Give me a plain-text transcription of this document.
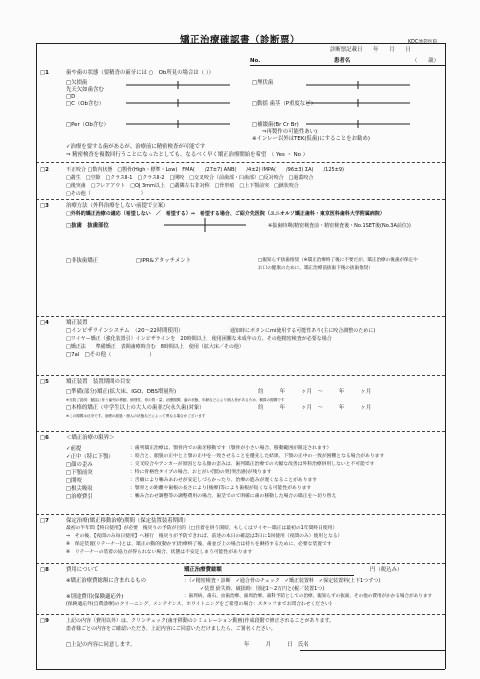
矯正治療確認書（診断票）	KDC池袋医院
診断票記載日　　年　　月　　日
No.	患者名	（　　歳）
□1	歯や歯の状態（要精査の歯牙には ○　Ob所見の場合は（ ））
□欠損歯
先天欠如歯含む
□埋伏歯
□D
□C（Ob含む）	□動揺 歯茎（P重度など）
□Per（Ob含む）	□補綴歯(Br Cr Br)
⇒再製作の可能性あい)
※インレー以外はTEK(仮歯)にすることをお勧め)
✓治療を要する歯があるが、治療前に精密検査が可能です
⇒ 精密検査を複数回行うことになったとしても、なるべく早く矯正治療開始を希望　（ Yes ・ No ）
□2	不正咬合 □数内状態　□顎骨(High・標準・Low)　FMA(　　/27±7) ANB(　　/4±2) IMPA(　　/96±3) ΣA(　　/125±9)
□叢生　□空隙　□クラスⅡ-1　□クラスⅡ-2　□開咬　□交叉咬合（前歯部・臼歯部）□反対咬合　□過蓋咬合
□後突歯　□フレアアウト　□OJ 3mm以上　□叢隣左右非対称　□骨形痕　□上下顎前突　□鋏状咬合
□その他（　　　　　　　　　　）
□3	治療方法（外科治療をしない前提で立案）
□外科的矯正治療の適応（希望しない　／　希望する）⇒　希望する場合、ご紹介先医院（ユニオルソ矯正歯科・東京医科歯科大学附属病院）
□抜歯　抜歯部位	※抜歯時期(精密検査前・精密検査後・No.1SET後(No.3A前位))
□非抜歯矯正	□IPR&アタッチメント	□親知らず抜歯推奨（※矯正治療終了後に不要だが、矯正治療の後歯が保定や
お口の健康のために、矯正治療前抜歯下後の抜歯推奨）
□4	矯正装置
□インビザラインシステム　（20～22時間使用）	通知時にボタンにmi使用する可能性あり(主に咬合調整のために)
□ワイヤー矯正（強化装置引）インビザラインを　20時間以上　使用困難な未成年の方、その他精密検査が必要な場合
□矯正法　　準備矯正　表間歯療時含む　8時間以上　使用（拡大床／その他）
□7al　□その他（　　　　　　　）
□5	矯正装置　装置期間の目安
□準備(部分)矯正(拡大床、IGO、DBS増量所)	約　　　年　　　ヶ月　～　　　年　　　ヶ月
※当院ご説明：動揺に伴う歯列の移動、個別性、骨の質・量、治療期間、歯の状態、年齢などにより個人差があるため、概算の期間です
□本格的矯正（中学生以上の大人の歯並び(永久歯)対象）	約　　　年　　　ヶ月　～　　　年　　　ヶ月
※この期間は目安です。治療の経過・個人の状態などによって異なる場合がございます
□6	＜矯正治療の限界＞
✓前提	：歯列矯正治療は、顎骨内での歯牙移動です（顎骨が小さい場合、移動範囲が限定されます）
✓正中（特に下顎）	：咬合と、顔貌の正中と上顎の正中を一致させることを優先した結果、下顎の正中の一致が困難となる場合があります
□顔の歪み	：交叉咬合やアンカーが原因となる顔の歪みは、歯列矯正治療での大幅な改善は外科治療併用しないと不可能です
□下顎前突	：特に骨格性タイプの場合、おとがい(顎)の突(突出感)が残ります
□開咬	：舌癖により噛みあわせが安定しづらかったり、治療の進みが遅くなることがあります
□根尖吸収	：顎骨との距離や歯根の長さにより(後療)等により歯根が短くなる可能性があります
□治療費引	：噛み合わせ調整等の調整費用の場合、歯茎でのて明確に歯の移動した場合の矯正を～切り替え
□7	保定治療(矯正移動治療)期間（保定装置装着期間）
最初の半年間【終日使用】が必要　後戻りの予防が目的（□目着を併う開咬、もしくはワイヤー矯正は最初の1年間終日使用）
⇒　その後、【夜間のみ毎日使用】へ移行　後戻りが予防できれば、前述の本日の確認は3日に1回使用（夜間のみ）使用となる）
※　保定装置(リテーナー)とは、矯正の動的(動かす)治療終了後、歯並び上の場合は持ちを継持するために、必要な装置です
※　リテーナーの装着の協力が得られない場合、状態は不安定しまう可能性があります
□8	費用について	矯正治療費総額	円（税込み）
※矯正治療費総額に含まれるもの	：（✓精密検査・診断　✓通合骨のチェック　✓矯正装置料　✓保定装置料(上下1つずつ)
✓装置 紛失時、破損時：別途1～2万円と(税／装置1つ)
※別途費用(保険適応外)	：歯周病、歯石、虫歯治療、歯周治療、歯科予防としての治療、親知らずの抜歯、その他の費用がかかる場合があります
(保険適応外(自費診療)のクリーニング、メンテナンス、ホワイトニングをご希望の場合：スタッフまでお問合わせください)
□9	上記の内容（費用以外）は、クリンチェック(歯牙移動のシミュレーション動画)作成段階で修正されることがあります。
患者様ごとの内容をご確認いただき、上記内容にご同意いただけましたら、ご署名ください。
□上記の内容に同意します。	年　　　月　　　日　氏名
